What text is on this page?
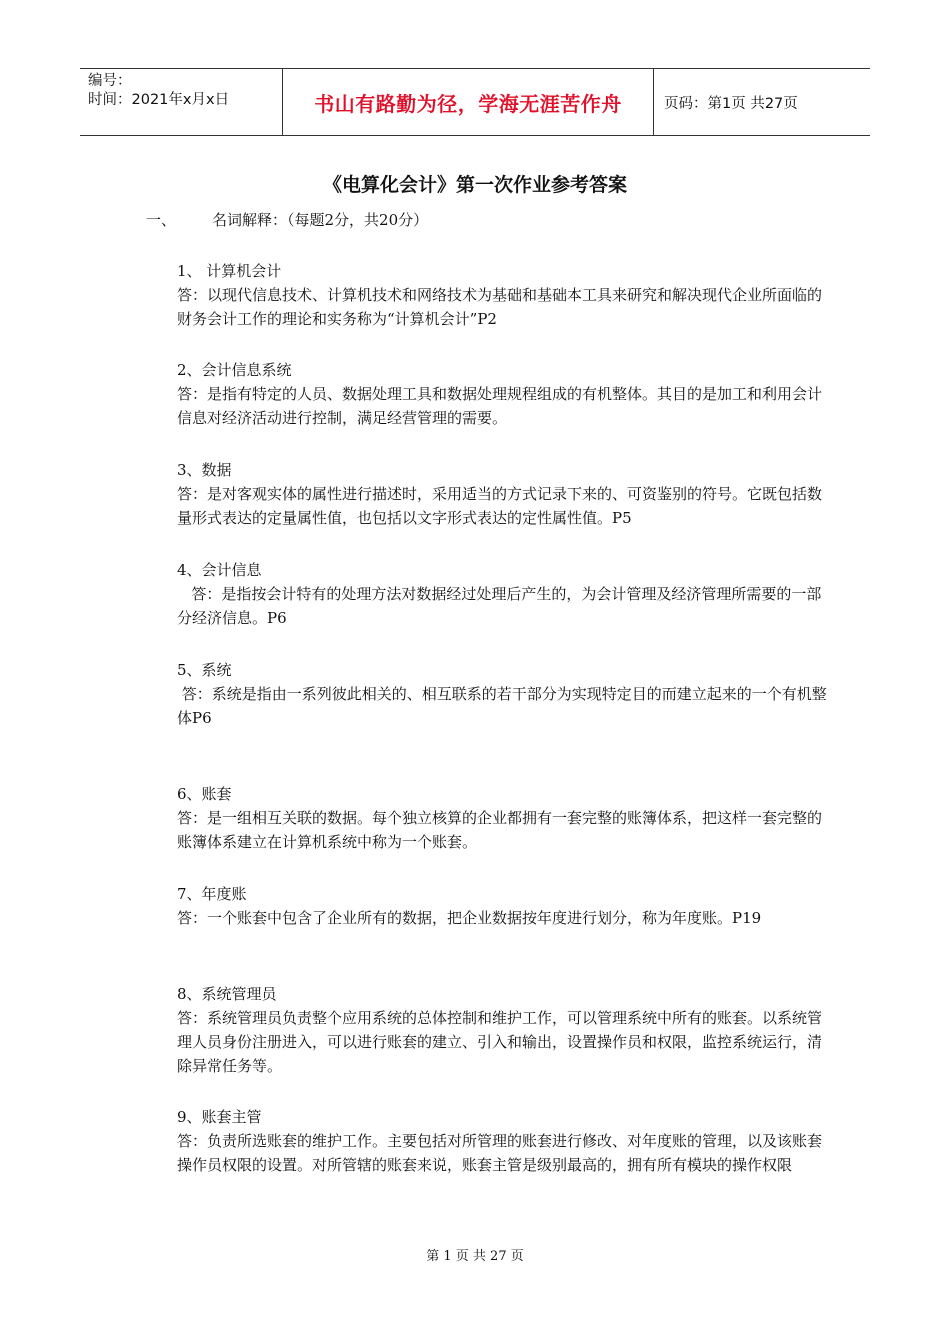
编号：
时间：2021年x月x日	书山有路勤为径，学海无涯苦作舟	页码：第1页 共27页
《电算化会计》第一次作业参考答案
一、 名词解释：（每题2分，共20分）

1、 计算机会计

答：以现代信息技术、计算机技术和网络技术为基础和基础本工具来研究和解决现代企业所面临的财务会计工作的理论和实务称为“计算机会计”P2

2、会计信息系统

答：是指有特定的人员、数据处理工具和数据处理规程组成的有机整体。其目的是加工和利用会计信息对经济活动进行控制，满足经营管理的需要。

3、数据

答：是对客观实体的属性进行描述时，采用适当的方式记录下来的、可资鉴别的符号。它既包括数量形式表达的定量属性值，也包括以文字形式表达的定性属性值。P5

4、会计信息

答：是指按会计特有的处理方法对数据经过处理后产生的，为会计管理及经济管理所需要的一部分经济信息。P6

5、系统

答：系统是指由一系列彼此相关的、相互联系的若干部分为实现特定目的而建立起来的一个有机整体P6

6、账套

答：是一组相互关联的数据。每个独立核算的企业都拥有一套完整的账簿体系，把这样一套完整的账簿体系建立在计算机系统中称为一个账套。

7、年度账

答：一个账套中包含了企业所有的数据，把企业数据按年度进行划分，称为年度账。P19

8、系统管理员

答：系统管理员负责整个应用系统的总体控制和维护工作，可以管理系统中所有的账套。以系统管理人员身份注册进入，可以进行账套的建立、引入和输出，设置操作员和权限，监控系统运行，清除异常任务等。

9、账套主管

答：负责所选账套的维护工作。主要包括对所管理的账套进行修改、对年度账的管理，以及该账套操作员权限的设置。对所管辖的账套来说，账套主管是级别最高的，拥有所有模块的操作权限

第 1 页 共 27 页
